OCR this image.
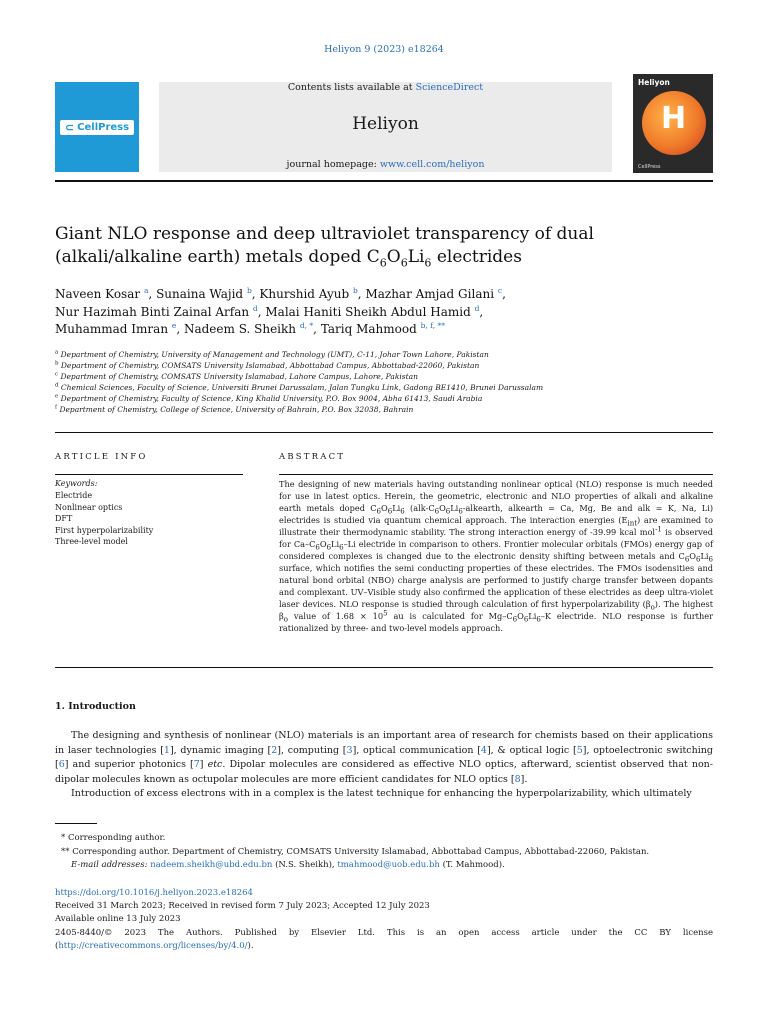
Heliyon 9 (2023) e18264
⊂ CellPress
Contents lists available at ScienceDirect
Heliyon
journal homepage: www.cell.com/heliyon
Heliyon
H
CellPress
Giant NLO response and deep ultraviolet transparency of dual
(alkali/alkaline earth) metals doped $C_6O_6Li_6$ electrides
Naveen Kosar $^a$, Sunaina Wajid $^b$, Khurshid Ayub $^b$, Mazhar Amjad Gilani $^c$,
Nur Hazimah Binti Zainal Arfan $^d$, Malai Haniti Sheikh Abdul Hamid $^d$,
Muhammad Imran $^e$, Nadeem S. Sheikh $^{d, *}$, Tariq Mahmood $^{b, f, **}$
$^a$ Department of Chemistry, University of Management and Technology (UMT), C-11, Johar Town Lahore, Pakistan
$^b$ Department of Chemistry, COMSATS University Islamabad, Abbottabad Campus, Abbottabad-22060, Pakistan
$^c$ Department of Chemistry, COMSATS University Islamabad, Lahore Campus, Lahore, Pakistan
$^d$ Chemical Sciences, Faculty of Science, Universiti Brunei Darussalam, Jalan Tungku Link, Gadong BE1410, Brunei Darussalam
$^e$ Department of Chemistry, Faculty of Science, King Khalid University, P.O. Box 9004, Abha 61413, Saudi Arabia
$^f$ Department of Chemistry, College of Science, University of Bahrain, P.O. Box 32038, Bahrain
ARTICLE INFO
Keywords:
Electride
Nonlinear optics
DFT
First hyperpolarizability
Three-level model
ABSTRACT
The designing of new materials having outstanding nonlinear optical (NLO) response is much needed for use in latest optics. Herein, the geometric, electronic and NLO properties of alkali and alkaline earth metals doped C6O6Li6 (alk-C6O6Li6-alkearth, alkearth = Ca, Mg, Be and alk = K, Na, Li) electrides is studied via quantum chemical approach. The interaction energies (Eint) are examined to illustrate their thermodynamic stability. The strong interaction energy of -39.99 kcal mol-1 is observed for Ca–C6O6Li6–Li electride in comparison to others. Frontier molecular orbitals (FMOs) energy gap of considered complexes is changed due to the electronic density shifting between metals and C6O6Li6 surface, which notifies the semi conducting properties of these electrides. The FMOs isodensities and natural bond orbital (NBO) charge analysis are performed to justify charge transfer between dopants and complexant. UV–Visible study also confirmed the application of these electrides as deep ultra-violet laser devices. NLO response is studied through calculation of first hyperpolarizability (βo). The highest βo value of 1.68 × 105 au is calculated for Mg–C6O6Li6–K electride. NLO response is further rationalized by three- and two-level models approach.
1. Introduction
The designing and synthesis of nonlinear (NLO) materials is an important area of research for chemists based on their applications in laser technologies [1], dynamic imaging [2], computing [3], optical communication [4], & optical logic [5], optoelectronic switching [6] and superior photonics [7] etc. Dipolar molecules are considered as effective NLO optics, afterward, scientist observed that non-dipolar molecules known as octupolar molecules are more efficient candidates for NLO optics [8].
Introduction of excess electrons with in a complex is the latest technique for enhancing the hyperpolarizability, which ultimately
* Corresponding author.
** Corresponding author. Department of Chemistry, COMSATS University Islamabad, Abbottabad Campus, Abbottabad-22060, Pakistan.
E-mail addresses: nadeem.sheikh@ubd.edu.bn (N.S. Sheikh), tmahmood@uob.edu.bh (T. Mahmood).
https://doi.org/10.1016/j.heliyon.2023.e18264
Received 31 March 2023; Received in revised form 7 July 2023; Accepted 12 July 2023
Available online 13 July 2023
2405-8440/© 2023 The Authors. Published by Elsevier Ltd. This is an open access article under the CC BY license
(http://creativecommons.org/licenses/by/4.0/).
